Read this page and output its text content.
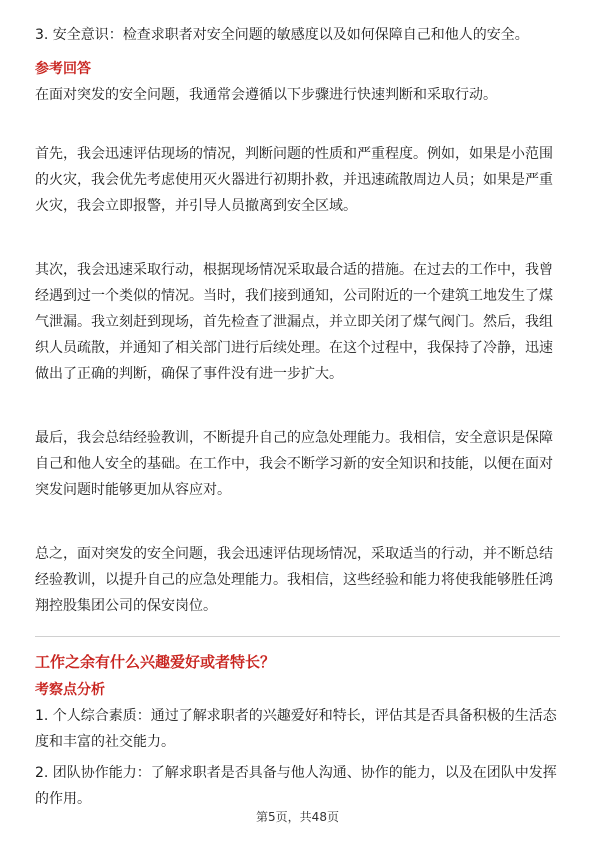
3. 安全意识：检查求职者对安全问题的敏感度以及如何保障自己和他人的安全。

参考回答

在面对突发的安全问题，我通常会遵循以下步骤进行快速判断和采取行动。

首先，我会迅速评估现场的情况，判断问题的性质和严重程度。例如，如果是小范围的火灾，我会优先考虑使用灭火器进行初期扑救，并迅速疏散周边人员；如果是严重火灾，我会立即报警，并引导人员撤离到安全区域。

其次，我会迅速采取行动，根据现场情况采取最合适的措施。在过去的工作中，我曾经遇到过一个类似的情况。当时，我们接到通知，公司附近的一个建筑工地发生了煤气泄漏。我立刻赶到现场，首先检查了泄漏点，并立即关闭了煤气阀门。然后，我组织人员疏散，并通知了相关部门进行后续处理。在这个过程中，我保持了冷静，迅速做出了正确的判断，确保了事件没有进一步扩大。

最后，我会总结经验教训，不断提升自己的应急处理能力。我相信，安全意识是保障自己和他人安全的基础。在工作中，我会不断学习新的安全知识和技能，以便在面对突发问题时能够更加从容应对。

总之，面对突发的安全问题，我会迅速评估现场情况，采取适当的行动，并不断总结经验教训，以提升自己的应急处理能力。我相信，这些经验和能力将使我能够胜任鸿翔控股集团公司的保安岗位。

工作之余有什么兴趣爱好或者特长？

考察点分析

1. 个人综合素质：通过了解求职者的兴趣爱好和特长，评估其是否具备积极的生活态度和丰富的社交能力。

2. 团队协作能力：了解求职者是否具备与他人沟通、协作的能力，以及在团队中发挥的作用。

第5页，共48页
